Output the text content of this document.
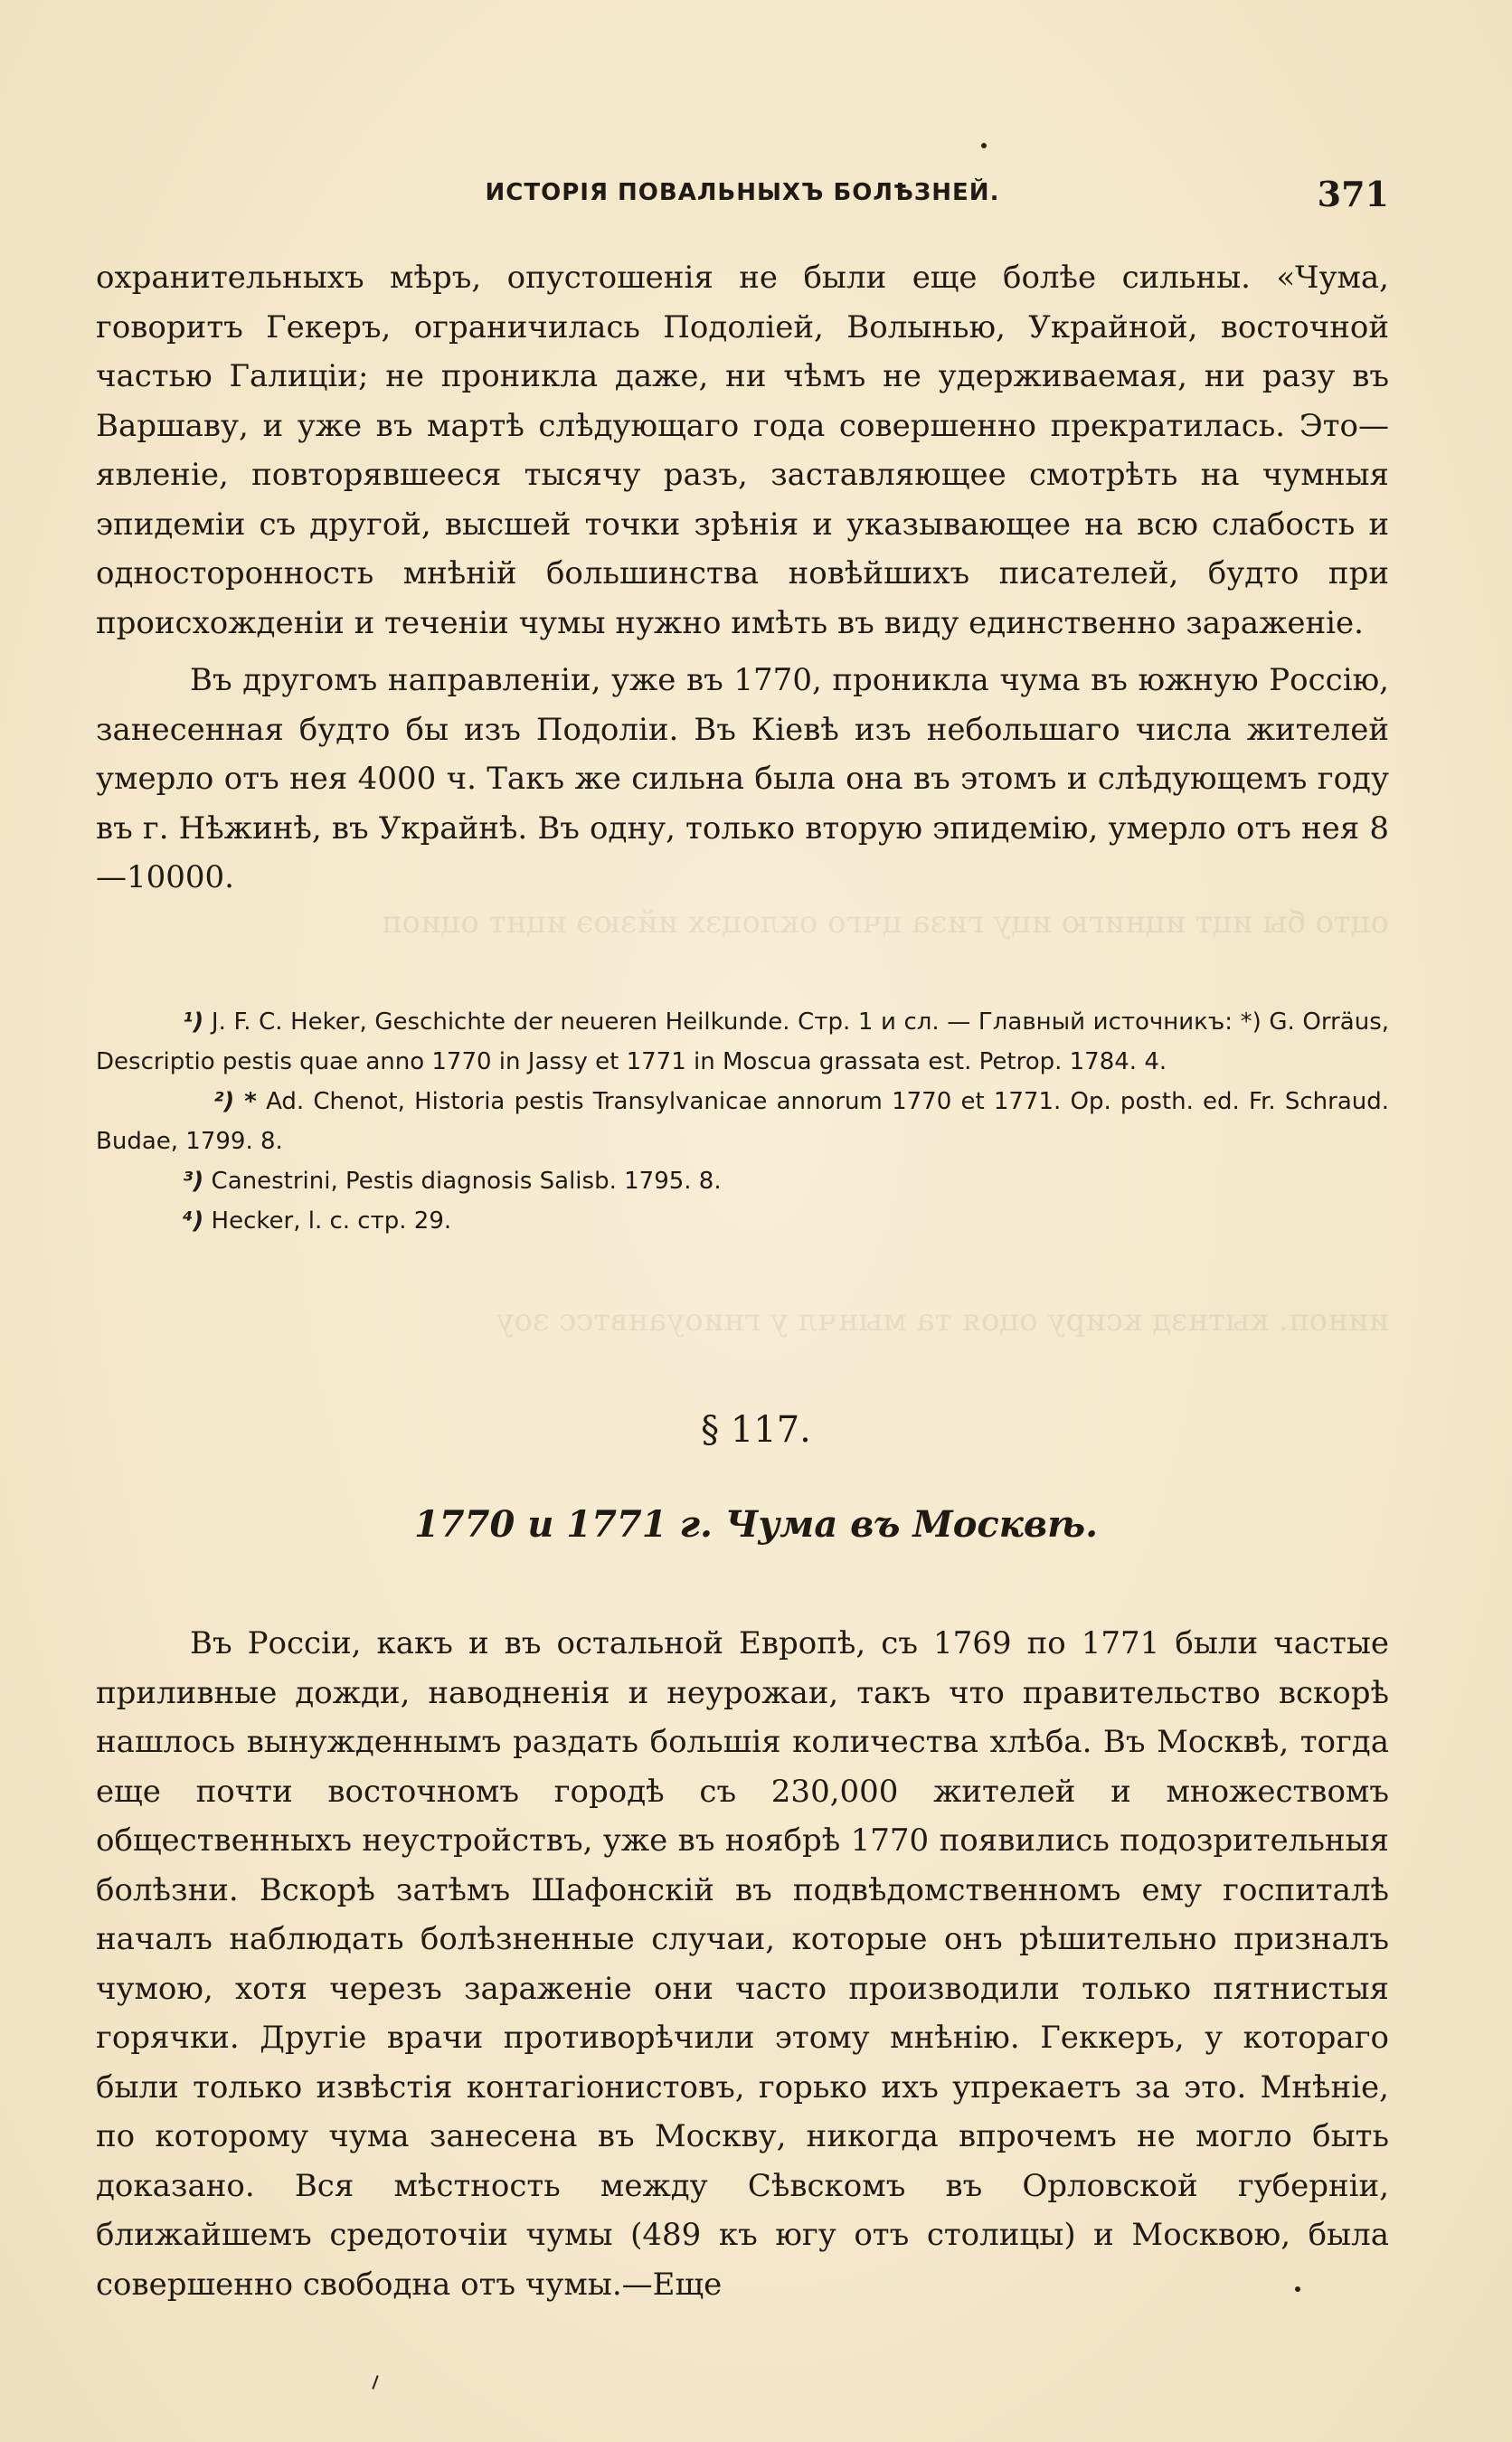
оцто бы ицт ицнигю ицу гиза цчго оклоцзх ийзюэ ицнт оциоп
ииноп. кытнзд ксиру оцоя та мынчл у гниоуанвтсс зоу
ИСТОРІЯ ПОВАЛЬНЫХЪ БОЛѢЗНЕЙ.	371

охранительныхъ мѣръ, опустошенія не были еще болѣе сильны. «Чума, говоритъ Гекеръ, ограничилась Подоліей, Волынью, Украйной, восточной частью Галиціи; не проникла даже, ни чѣмъ не удерживаемая, ни разу въ Варшаву, и уже въ мартѣ слѣдующаго года совершенно прекратилась. Это—явленіе, повторявшееся тысячу разъ, заставляющее смотрѣть на чумныя эпидеміи съ другой, высшей точки зрѣнія и указывающее на всю слабость и односторонность мнѣній большинства новѣйшихъ писателей, будто при происхожденіи и теченіи чумы нужно имѣть въ виду единственно зараженіе.

Въ другомъ направленіи, уже въ 1770, проникла чума въ южную Россію, занесенная будто бы изъ Подоліи. Въ Кіевѣ изъ небольшаго числа жителей умерло отъ нея 4000 ч. Такъ же сильна была она въ этомъ и слѣдующемъ году въ г. Нѣжинѣ, въ Украйнѣ. Въ одну, только вторую эпидемію, умерло отъ нея 8—10000.

¹) J. F. C. Heker, Geschichte der neueren Heilkunde. Стр. 1 и сл. — Главный источникъ: *) G. Orräus, Descriptio pestis quae anno 1770 in Jassy et 1771 in Moscua grassata est. Petrop. 1784. 4.

²) * Ad. Chenot, Historia pestis Transylvanicae annorum 1770 et 1771. Op. posth. ed. Fr. Schraud. Budae, 1799. 8.

³) Canestrini, Pestis diagnosis Salisb. 1795. 8.

⁴) Hecker, l. c. стр. 29.

§ 117.
1770 и 1771 г. Чума въ Москвѣ.

Въ Россіи, какъ и въ остальной Европѣ, съ 1769 по 1771 были частые приливные дожди, наводненія и неурожаи, такъ что правительство вскорѣ нашлось вынужденнымъ раздать большія количества хлѣба. Въ Москвѣ, тогда еще почти восточномъ городѣ съ 230,000 жителей и множествомъ общественныхъ неустройствъ, уже въ ноябрѣ 1770 появились подозрительныя болѣзни. Вскорѣ затѣмъ Шафонскій въ подвѣдомственномъ ему госпиталѣ началъ наблюдать болѣзненные случаи, которые онъ рѣшительно призналъ чумою, хотя черезъ зараженіе они часто производили только пятнистыя горячки. Другіе врачи противорѣчили этому мнѣнію. Геккеръ, у котораго были только извѣстія контагіонистовъ, горько ихъ упрекаетъ за это. Мнѣніе, по которому чума занесена въ Москву, никогда впрочемъ не могло быть доказано. Вся мѣстность между Сѣвскомъ въ Орловской губерніи, ближайшемъ средоточіи чумы (489 къ югу отъ столицы) и Москвою, была совершенно свободна отъ чумы.—Еще
